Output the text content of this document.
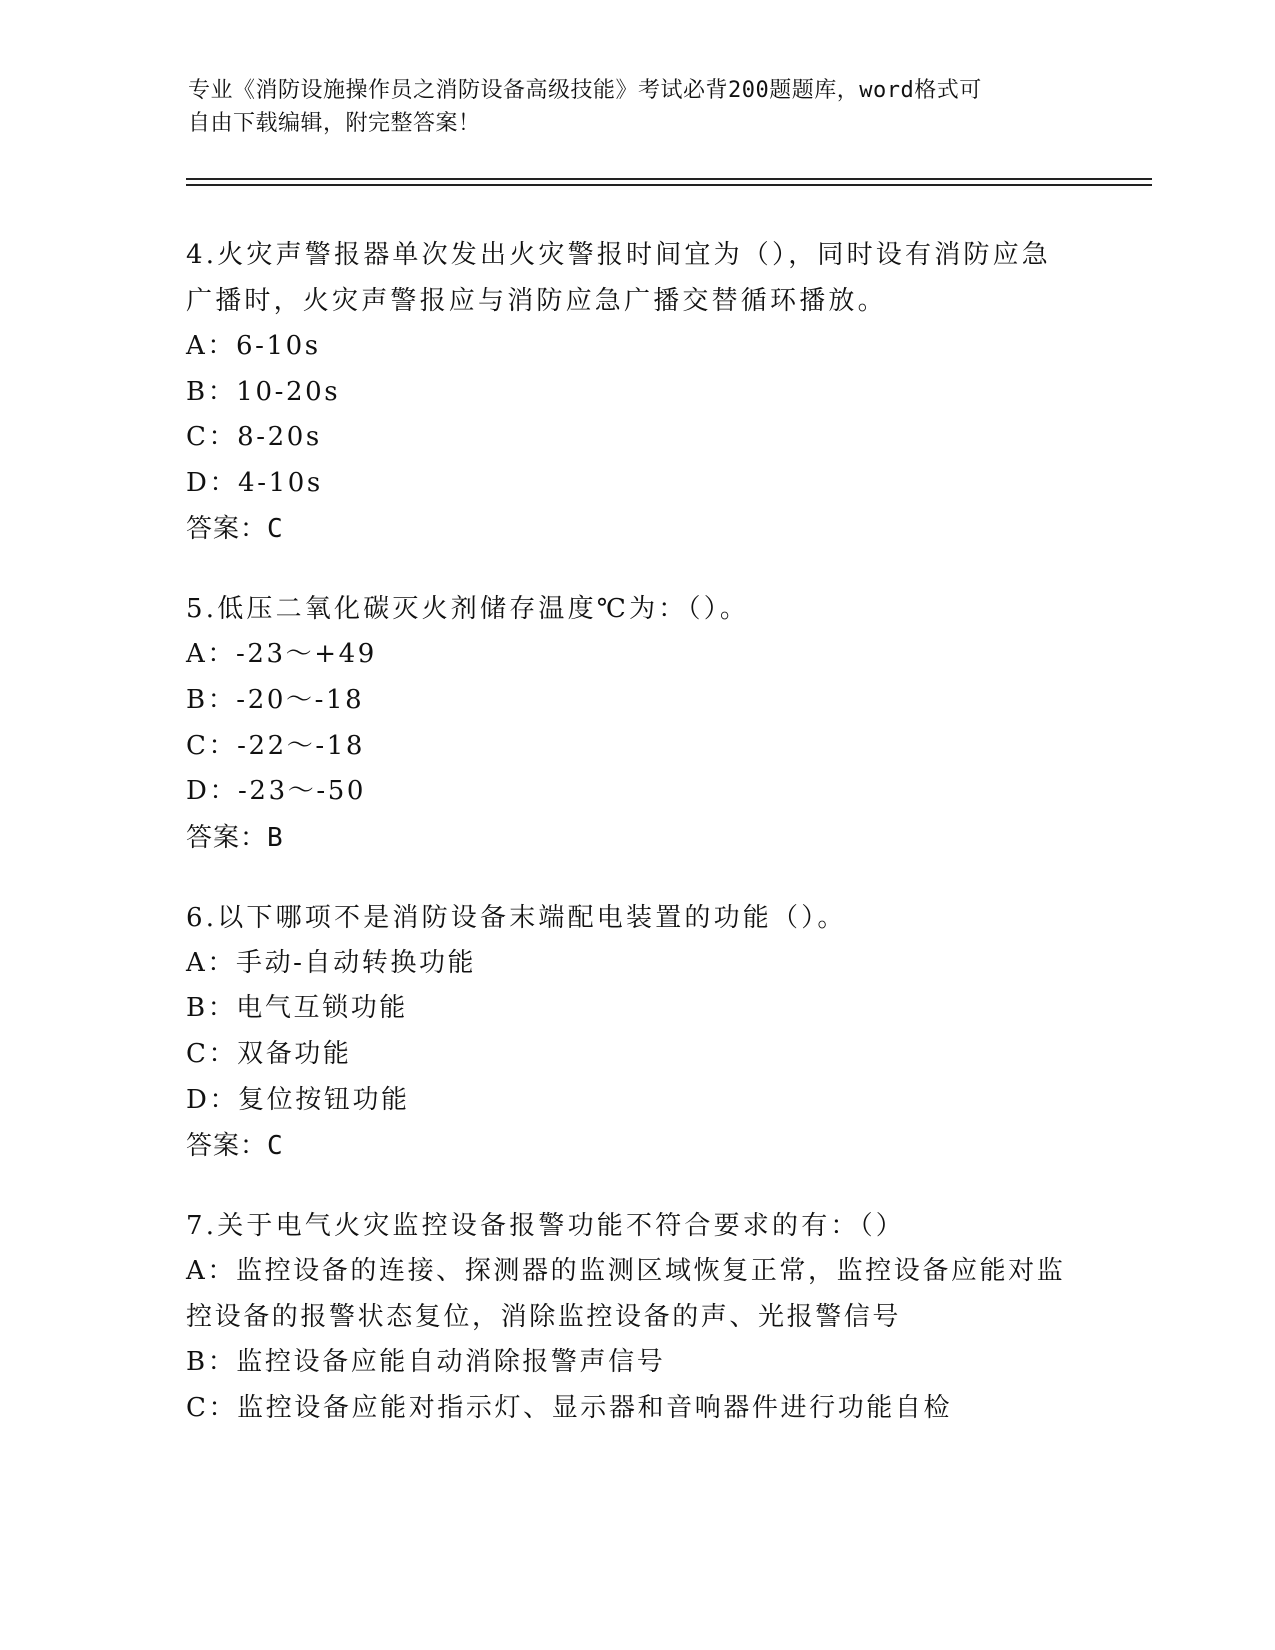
专业《消防设施操作员之消防设备高级技能》考试必背200题题库，word格式可
自由下载编辑，附完整答案！
4.火灾声警报器单次发出火灾警报时间宜为（），同时设有消防应急
广播时，火灾声警报应与消防应急广播交替循环播放。
A：6-10s
B：10-20s
C：8-20s
D：4-10s
答案：C
5.低压二氧化碳灭火剂储存温度℃为：（）。
A：-23～+49
B：-20～-18
C：-22～-18
D：-23～-50
答案：B
6.以下哪项不是消防设备末端配电装置的功能（）。
A：手动-自动转换功能
B：电气互锁功能
C：双备功能
D：复位按钮功能
答案：C
7.关于电气火灾监控设备报警功能不符合要求的有：（）
A：监控设备的连接、探测器的监测区域恢复正常，监控设备应能对监
控设备的报警状态复位，消除监控设备的声、光报警信号
B：监控设备应能自动消除报警声信号
C：监控设备应能对指示灯、显示器和音响器件进行功能自检
